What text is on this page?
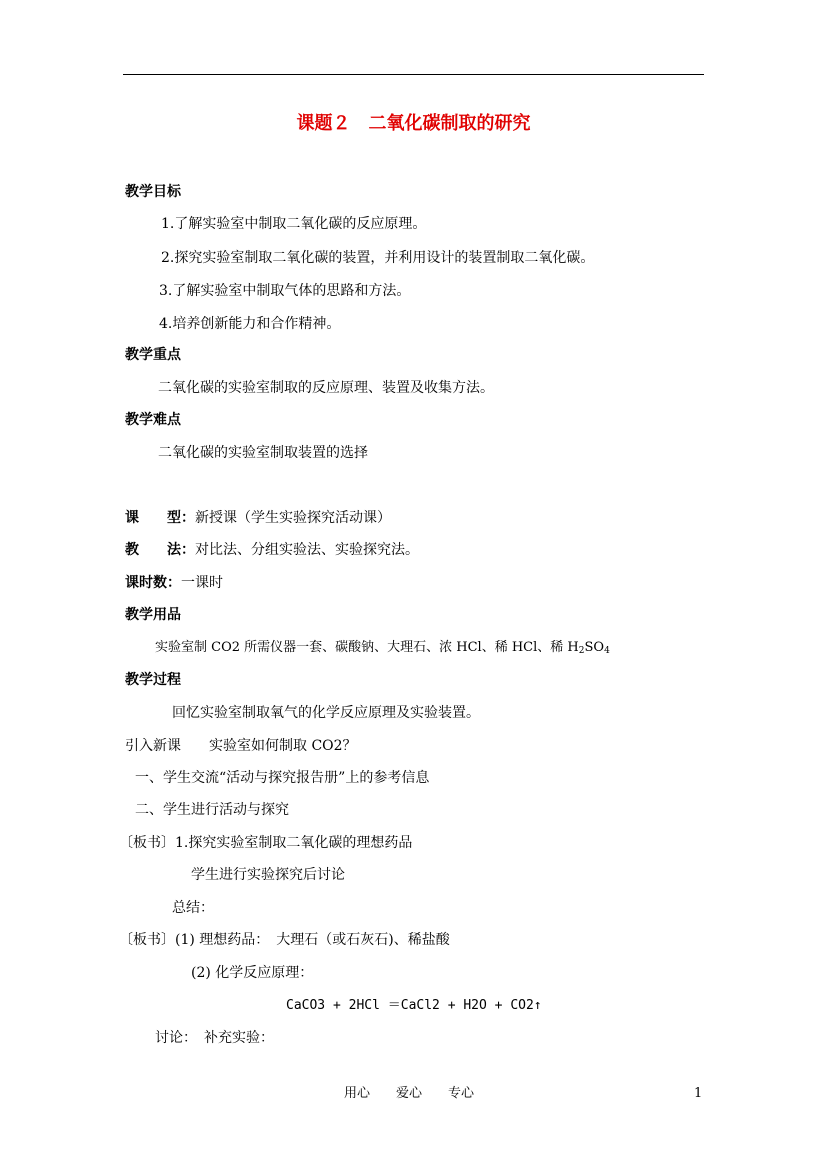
课题２　二氧化碳制取的研究
教学目标
1.了解实验室中制取二氧化碳的反应原理。
2.探究实验室制取二氧化碳的装置，并利用设计的装置制取二氧化碳。
3.了解实验室中制取气体的思路和方法。
4.培养创新能力和合作精神。
教学重点
二氧化碳的实验室制取的反应原理、装置及收集方法。
教学难点
二氧化碳的实验室制取装置的选择
课　　型：新授课（学生实验探究活动课）
教　　法：对比法、分组实验法、实验探究法。
课时数：一课时
教学用品
实验室制 CO2 所需仪器一套、碳酸钠、大理石、浓 HCl、稀 HCl、稀 $H_2SO_4$
教学过程
回忆实验室制取氧气的化学反应原理及实验装置。
引入新课　　实验室如何制取 CO2？
一、学生交流“活动与探究报告册”上的参考信息
二、学生进行活动与探究
〔板书〕1.探究实验室制取二氧化碳的理想药品
学生进行实验探究后讨论
总结：
〔板书〕(1) 理想药品：　大理石（或石灰石)、稀盐酸
(2) 化学反应原理：
CaCO3 + 2HCl ＝CaCl2 + H2O + CO2↑
讨论：　补充实验：
用心　　爱心　　专心	1
